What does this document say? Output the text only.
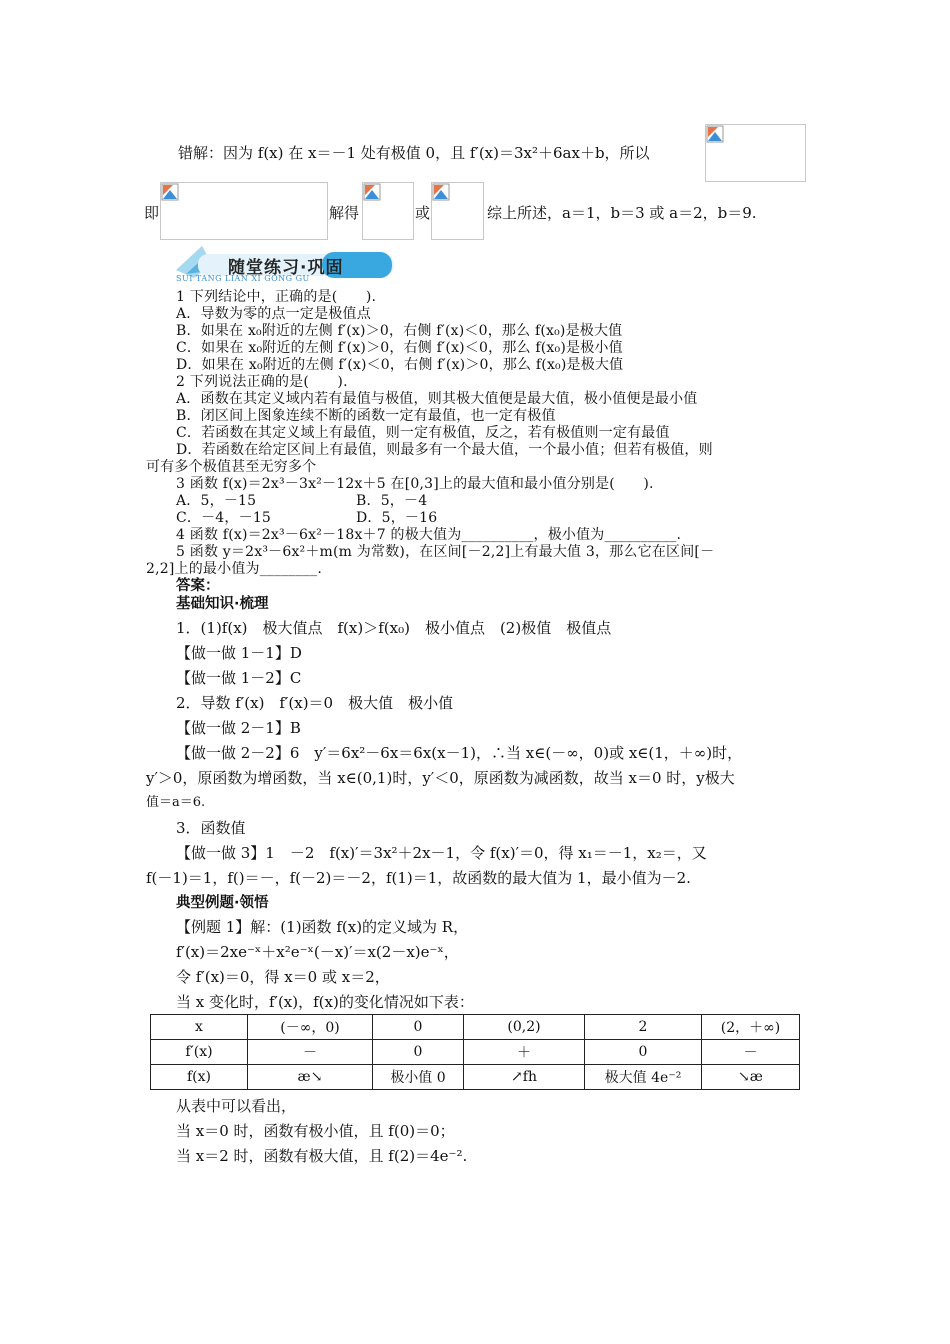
错解：因为 f(x) 在 x＝－1 处有极值 0，且 f′(x)＝3x²＋6ax＋b，所以
即	解得	或	综上所述，a＝1，b＝3 或 a＝2，b＝9.
随堂练习·巩固
SUI TANG LIAN XI GONG GU
1 下列结论中，正确的是(　　).
A．导数为零的点一定是极值点
B．如果在 x₀附近的左侧 f′(x)＞0，右侧 f′(x)＜0，那么 f(x₀)是极大值
C．如果在 x₀附近的左侧 f′(x)＞0，右侧 f′(x)＜0，那么 f(x₀)是极小值
D．如果在 x₀附近的左侧 f′(x)＜0，右侧 f′(x)＞0，那么 f(x₀)是极大值
2 下列说法正确的是(　　).
A．函数在其定义域内若有最值与极值，则其极大值便是最大值，极小值便是最小值
B．闭区间上图象连续不断的函数一定有最值，也一定有极值
C．若函数在其定义域上有最值，则一定有极值，反之，若有极值则一定有最值
D．若函数在给定区间上有最值，则最多有一个最大值，一个最小值；但若有极值，则
可有多个极值甚至无穷多个
3 函数 f(x)＝2x³－3x²－12x＋5 在[0,3]上的最大值和最小值分别是(　　).
A．5，－15	B．5，－4
C．－4，－15	D．5，－16
4 函数 f(x)＝2x³－6x²－18x＋7 的极大值为__________，极小值为__________.
5 函数 y＝2x³－6x²＋m(m 为常数)，在区间[－2,2]上有最大值 3，那么它在区间[－
2,2]上的最小值为________.
答案：
基础知识·梳理
1．(1)f(x)　极大值点　f(x)＞f(x₀)　极小值点　(2)极值　极值点
【做一做 1－1】D
【做一做 1－2】C
2．导数 f′(x)　f′(x)＝0　极大值　极小值
【做一做 2－1】B
【做一做 2－2】6　y′＝6x²－6x＝6x(x－1)，∴当 x∈(－∞，0)或 x∈(1，＋∞)时，
y′＞0，原函数为增函数，当 x∈(0,1)时，y′＜0，原函数为减函数，故当 x＝0 时，y极大
值＝a＝6.
3．函数值
【做一做 3】1　－2　f(x)′＝3x²＋2x－1，令 f(x)′＝0，得 x₁＝－1，x₂＝，又
f(－1)＝1，f()＝－，f(－2)＝－2，f(1)＝1，故函数的最大值为 1，最小值为－2.
典型例题·领悟
【例题 1】解：(1)函数 f(x)的定义域为 R，
f′(x)＝2xe⁻ˣ＋x²e⁻ˣ(－x)′＝x(2－x)e⁻ˣ，
令 f′(x)＝0，得 x＝0 或 x＝2，
当 x 变化时，f′(x)，f(x)的变化情况如下表：
x	(－∞，0)	0	(0,2)	2	(2，＋∞)
f′(x)	－	0	＋	0	－
f(x)	æ↘	极小值 0	↗fh	极大值 4e⁻²	↘æ
从表中可以看出，
当 x＝0 时，函数有极小值，且 f(0)＝0；
当 x＝2 时，函数有极大值，且 f(2)＝4e⁻².
